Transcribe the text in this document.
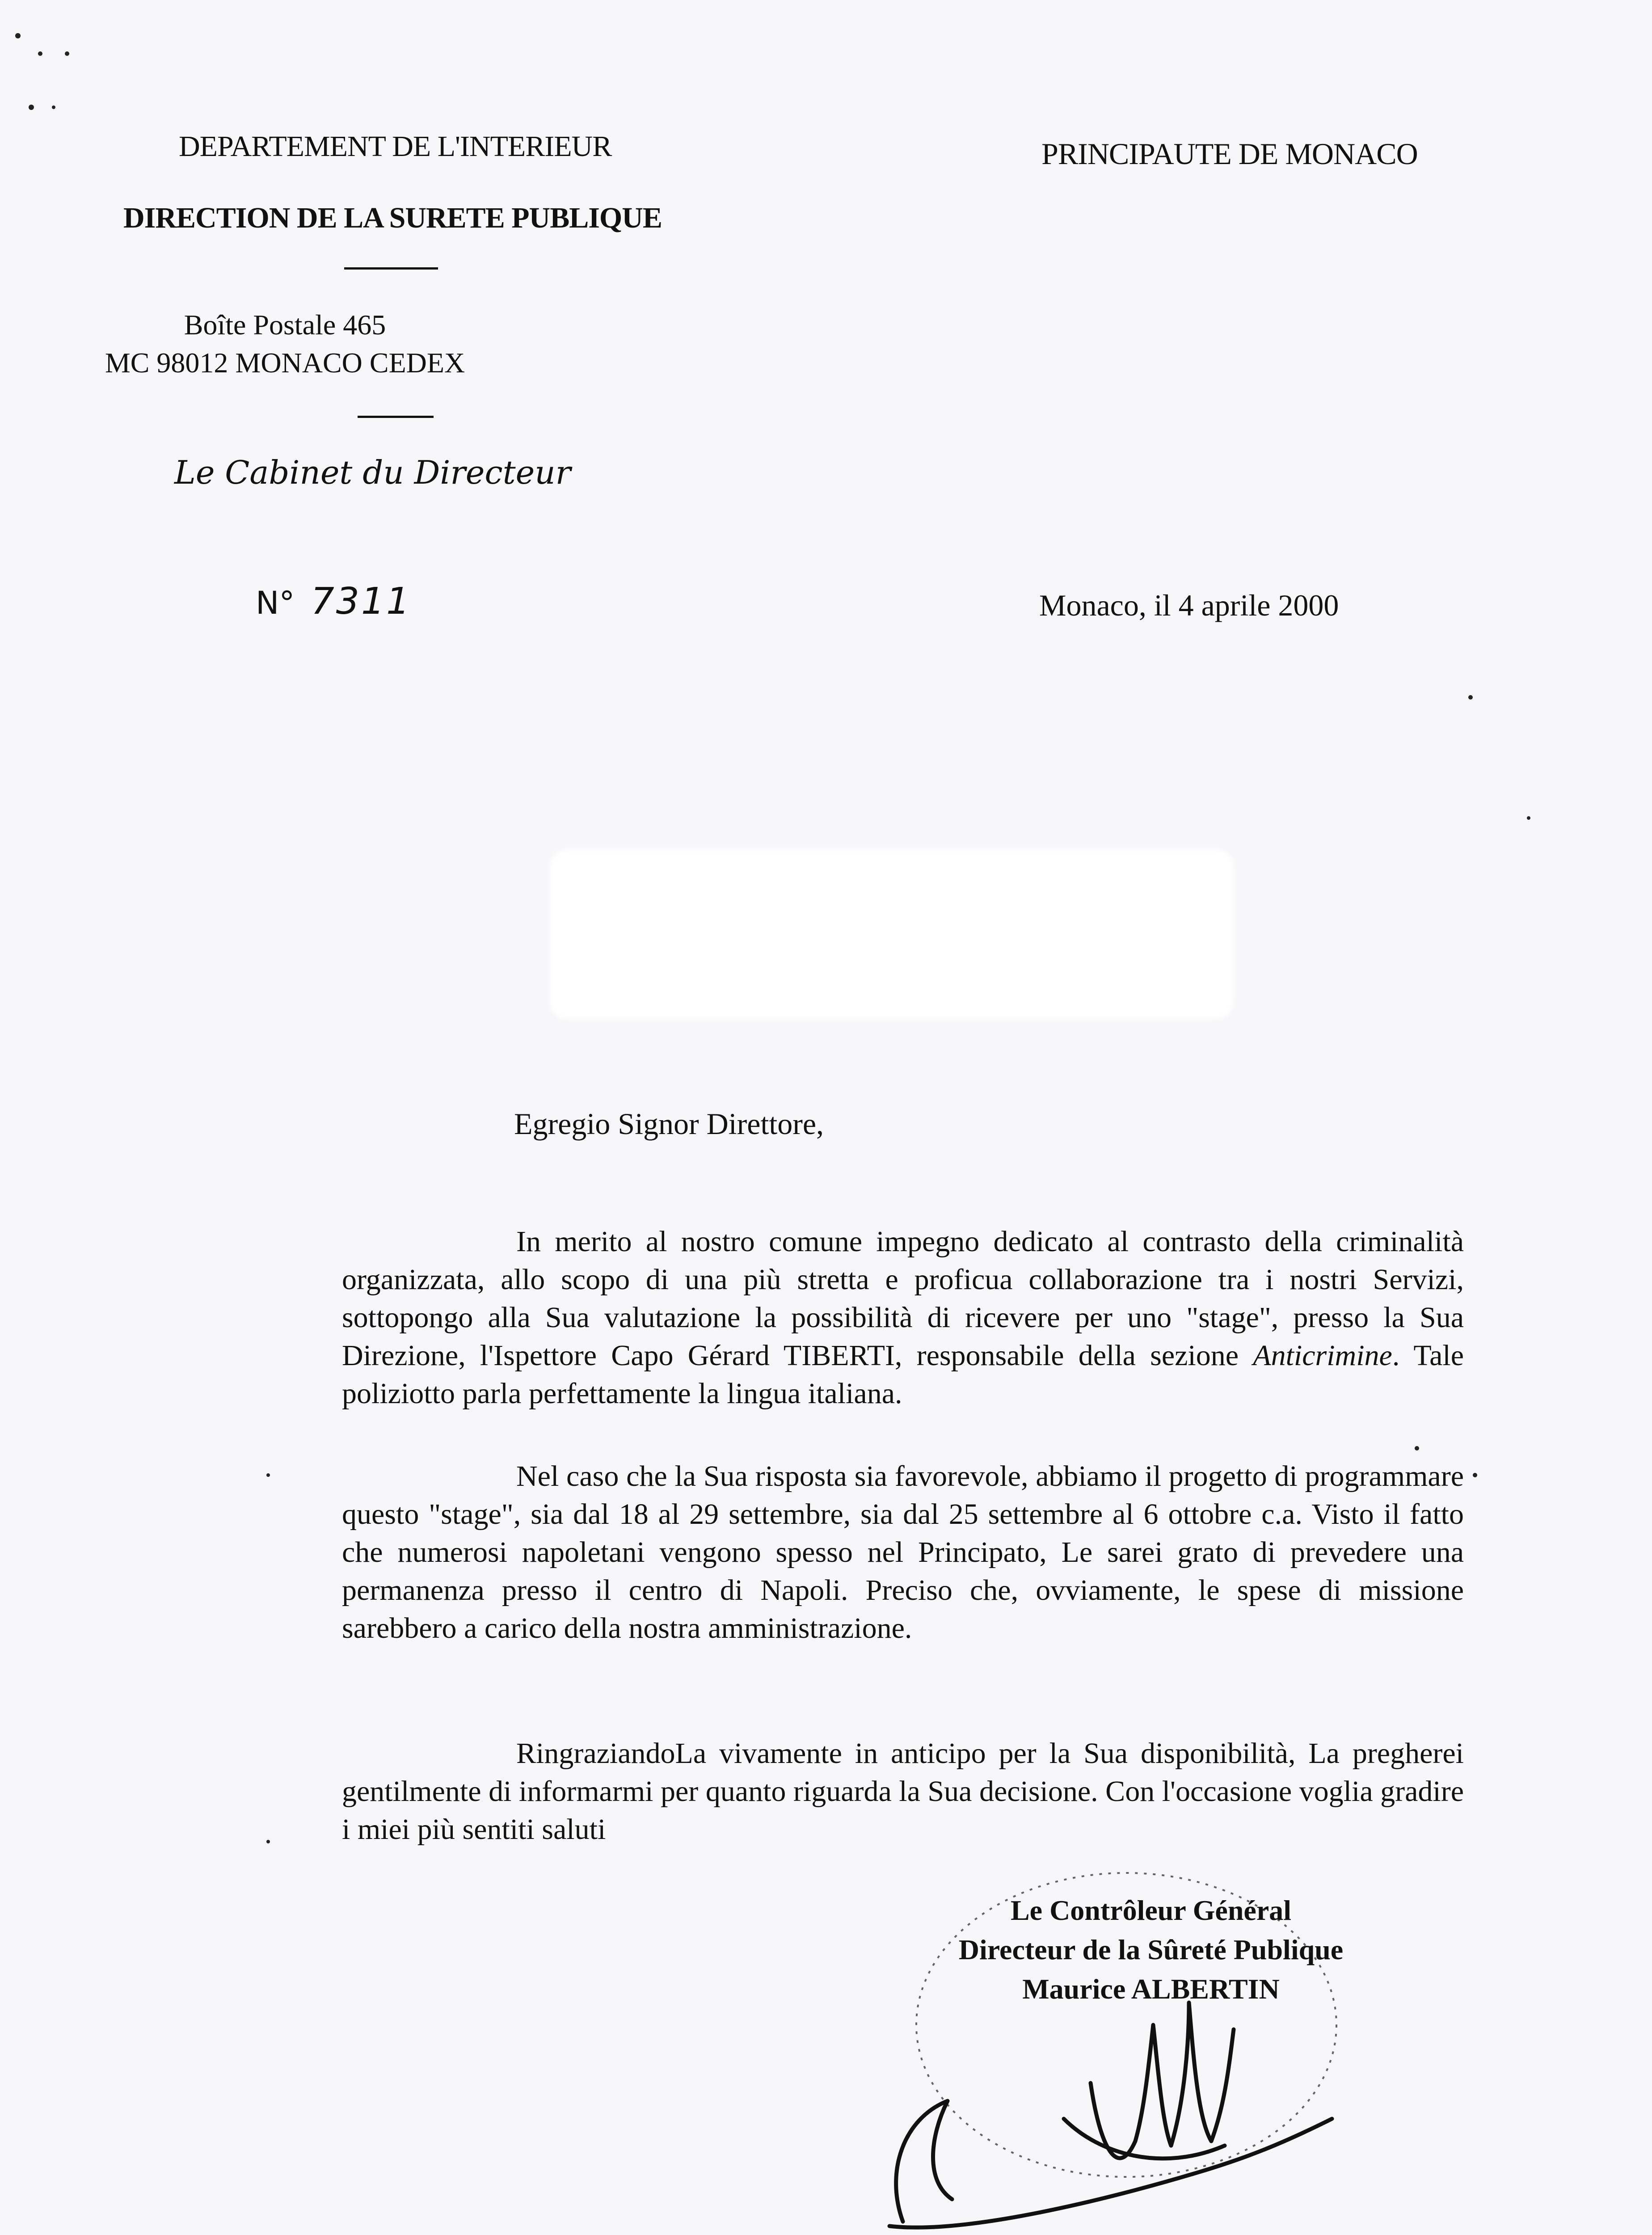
DEPARTEMENT DE L'INTERIEUR
DIRECTION DE LA SURETE PUBLIQUE
Boîte Postale 465
MC 98012 MONACO CEDEX
Le Cabinet du Directeur
N° 7311
PRINCIPAUTE DE MONACO
Monaco, il 4 aprile 2000
Egregio Signor Direttore,

In merito al nostro comune impegno dedicato al contrasto della criminalità organizzata, allo scopo di una più stretta e proficua collaborazione tra i nostri Servizi, sottopongo alla Sua valutazione la possibilità di ricevere per uno "stage", presso la Sua Direzione, l'Ispettore Capo Gérard TIBERTI, responsabile della sezione Anticrimine. Tale poliziotto parla perfettamente la lingua italiana.

Nel caso che la Sua risposta sia favorevole, abbiamo il progetto di programmare questo "stage", sia dal 18 al 29 settembre, sia dal 25 settembre al 6 ottobre c.a. Visto il fatto che numerosi napoletani vengono spesso nel Principato, Le sarei grato di prevedere una permanenza presso il centro di Napoli. Preciso che, ovviamente, le spese di missione sarebbero a carico della nostra amministrazione.

RingraziandoLa vivamente in anticipo per la Sua disponibilità, La pregherei gentilmente di informarmi per quanto riguarda la Sua decisione. Con l'occasione voglia gradire i miei più sentiti saluti

Le Contrôleur Général
Directeur de la Sûreté Publique
Maurice ALBERTIN
